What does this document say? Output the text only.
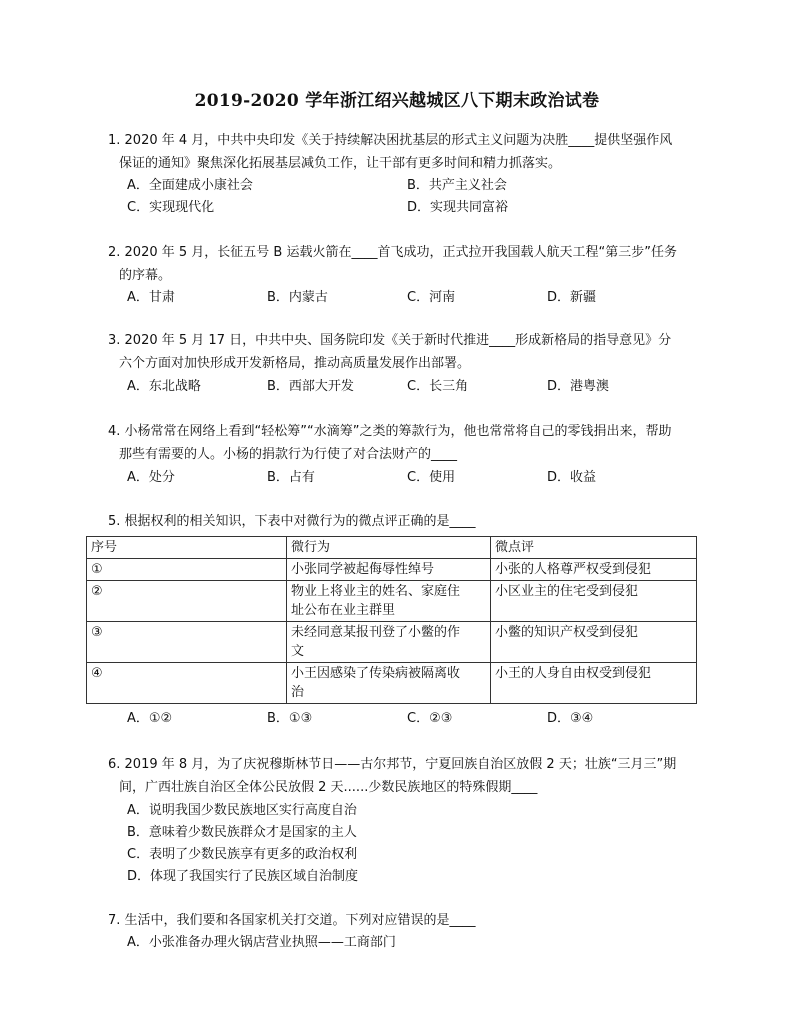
2019-2020 学年浙江绍兴越城区八下期末政治试卷
1. 2020 年 4 月，中共中央印发《关于持续解决困扰基层的形式主义问题为决胜____提供坚强作风
保证的通知》聚焦深化拓展基层减负工作，让干部有更多时间和精力抓落实。
A．全面建成小康社会	B．共产主义社会
C．实现现代化	D．实现共同富裕
2. 2020 年 5 月，长征五号 B 运载火箭在____首飞成功，正式拉开我国载人航天工程“第三步”任务
的序幕。
A．甘肃	B．内蒙古	C．河南	D．新疆
3. 2020 年 5 月 17 日，中共中央、国务院印发《关于新时代推进____形成新格局的指导意见》分
六个方面对加快形成开发新格局，推动高质量发展作出部署。
A．东北战略	B．西部大开发	C．长三角	D．港粤澳
4. 小杨常常在网络上看到“轻松筹”“水滴筹”之类的筹款行为，他也常常将自己的零钱捐出来，帮助
那些有需要的人。小杨的捐款行为行使了对合法财产的____
A．处分	B．占有	C．使用	D．收益
5. 根据权利的相关知识，下表中对微行为的微点评正确的是____
序号	微行为	微点评
①	小张同学被起侮辱性绰号	小张的人格尊严权受到侵犯
②	物业上将业主的姓名、家庭住
址公布在业主群里	小区业主的住宅受到侵犯
③	未经同意某报刊登了小鳖的作
文	小鳖的知识产权受到侵犯
④	小王因感染了传染病被隔离收
治	小王的人身自由权受到侵犯
A．①②	B．①③	C．②③	D．③④
6. 2019 年 8 月，为了庆祝穆斯林节日——古尔邦节，宁夏回族自治区放假 2 天；壮族“三月三”期
间，广西壮族自治区全体公民放假 2 天......少数民族地区的特殊假期____
A．说明我国少数民族地区实行高度自治
B．意味着少数民族群众才是国家的主人
C．表明了少数民族享有更多的政治权利
D．体现了我国实行了民族区域自治制度
7. 生活中，我们要和各国家机关打交道。下列对应错误的是____
A．小张准备办理火锅店营业执照——工商部门
